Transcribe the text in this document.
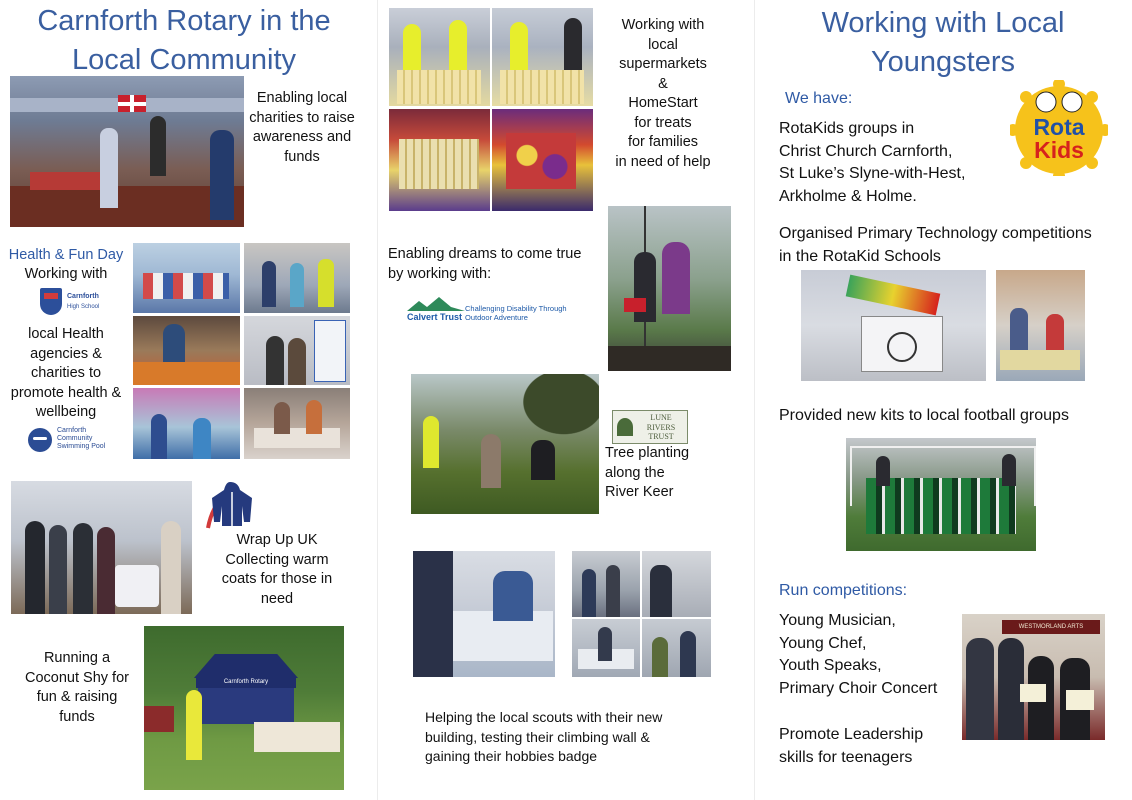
Carnforth Rotary in the
Local Community
Enabling local
charities to raise
awareness and
funds
Health & Fun Day
Working with
Carnforth
High School
local Health
agencies &
charities to
promote health &
wellbeing
Carnforth
Community
Swimming Pool
Wrap Up UK
Collecting warm
coats for those in
need
Running a
Coconut Shy for
fun & raising
funds
Carnforth Rotary
Working with
local
supermarkets
&
HomeStart
for treats
for families
in need of help
Enabling dreams to come true
by working with:
Calvert Trust
Challenging Disability Through
Outdoor Adventure
LUNE
RIVERS
TRUST
Tree planting
along the
River Keer
Helping the local scouts with their new
building, testing their climbing wall &
gaining their hobbies badge
Working with Local
Youngsters
We have:
Rota
Kids
RotaKids groups in
Christ Church Carnforth,
St Luke’s Slyne-with-Hest,
Arkholme & Holme.
Organised Primary Technology competitions
in the RotaKid Schools
Provided new kits to local football groups
Run competitions:
Young Musician,
Young Chef,
Youth Speaks,
Primary Choir Concert
Promote Leadership
skills for teenagers
WESTMORLAND ARTS
